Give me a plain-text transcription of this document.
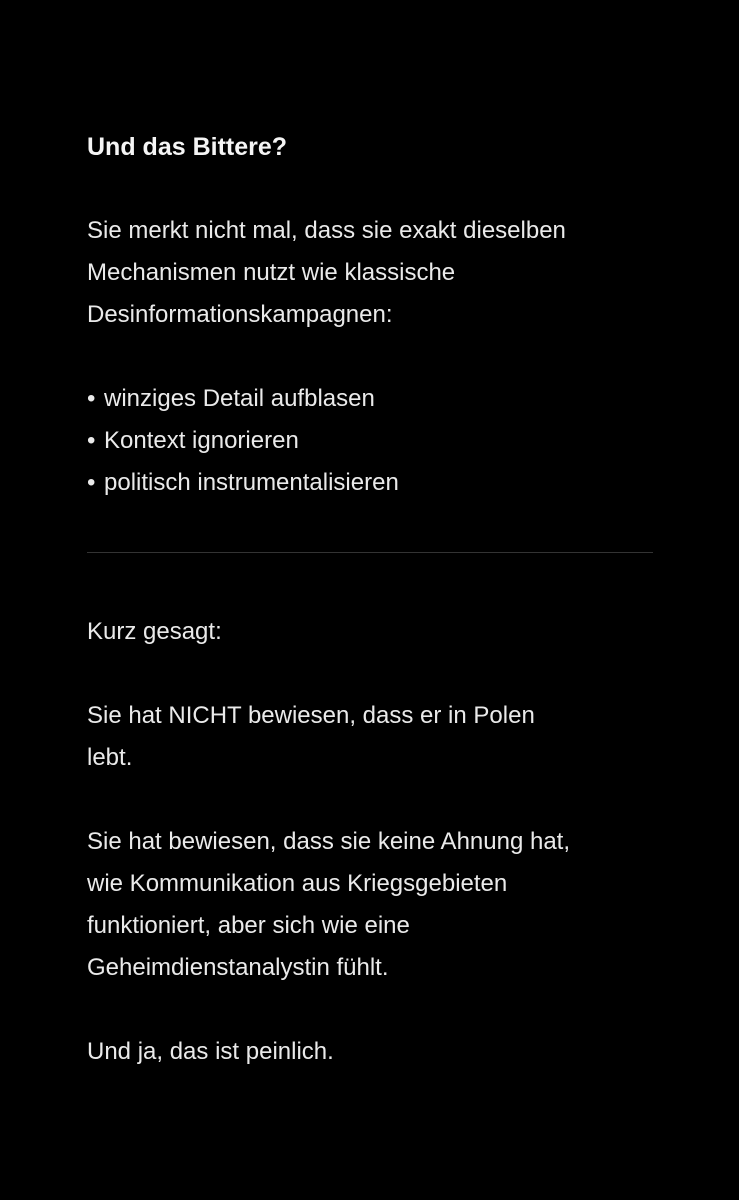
Und das Bittere?

Sie merkt nicht mal, dass sie exakt dieselben

Mechanismen nutzt wie klassische

Desinformationskampagnen:

• winziges Detail aufblasen
• Kontext ignorieren
• politisch instrumentalisieren

Kurz gesagt:

Sie hat NICHT bewiesen, dass er in Polen

lebt.

Sie hat bewiesen, dass sie keine Ahnung hat,

wie Kommunikation aus Kriegsgebieten

funktioniert, aber sich wie eine

Geheimdienstanalystin fühlt.

Und ja, das ist peinlich.
